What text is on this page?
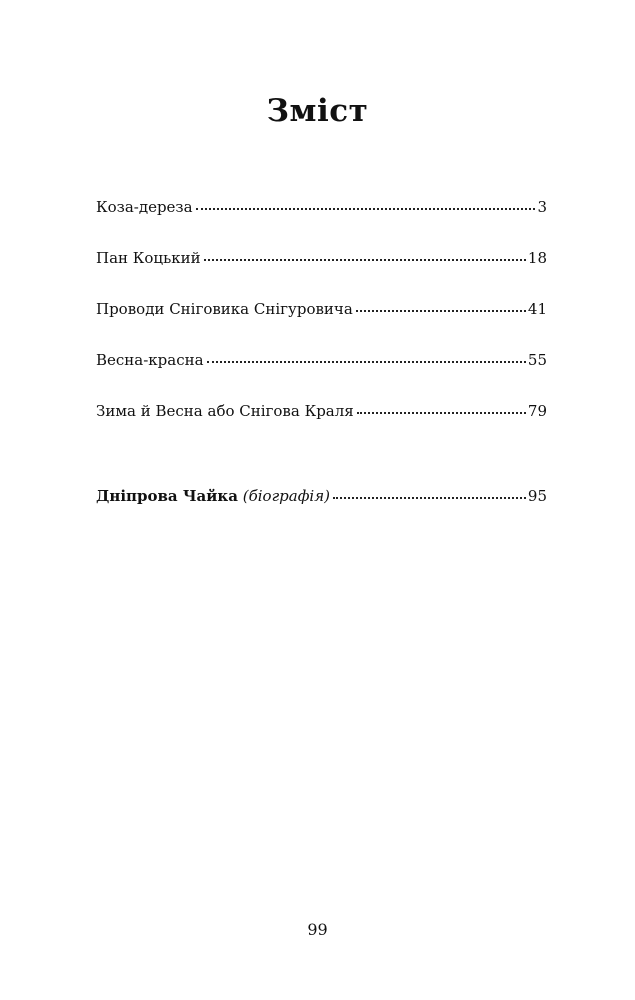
Зміст
Коза-дереза	3
Пан Коцький	18
Проводи Сніговика Снігуровича	41
Весна-красна	55
Зима й Весна або Снігова Краля	79
Дніпрова Чайка (біографія)	95
99
